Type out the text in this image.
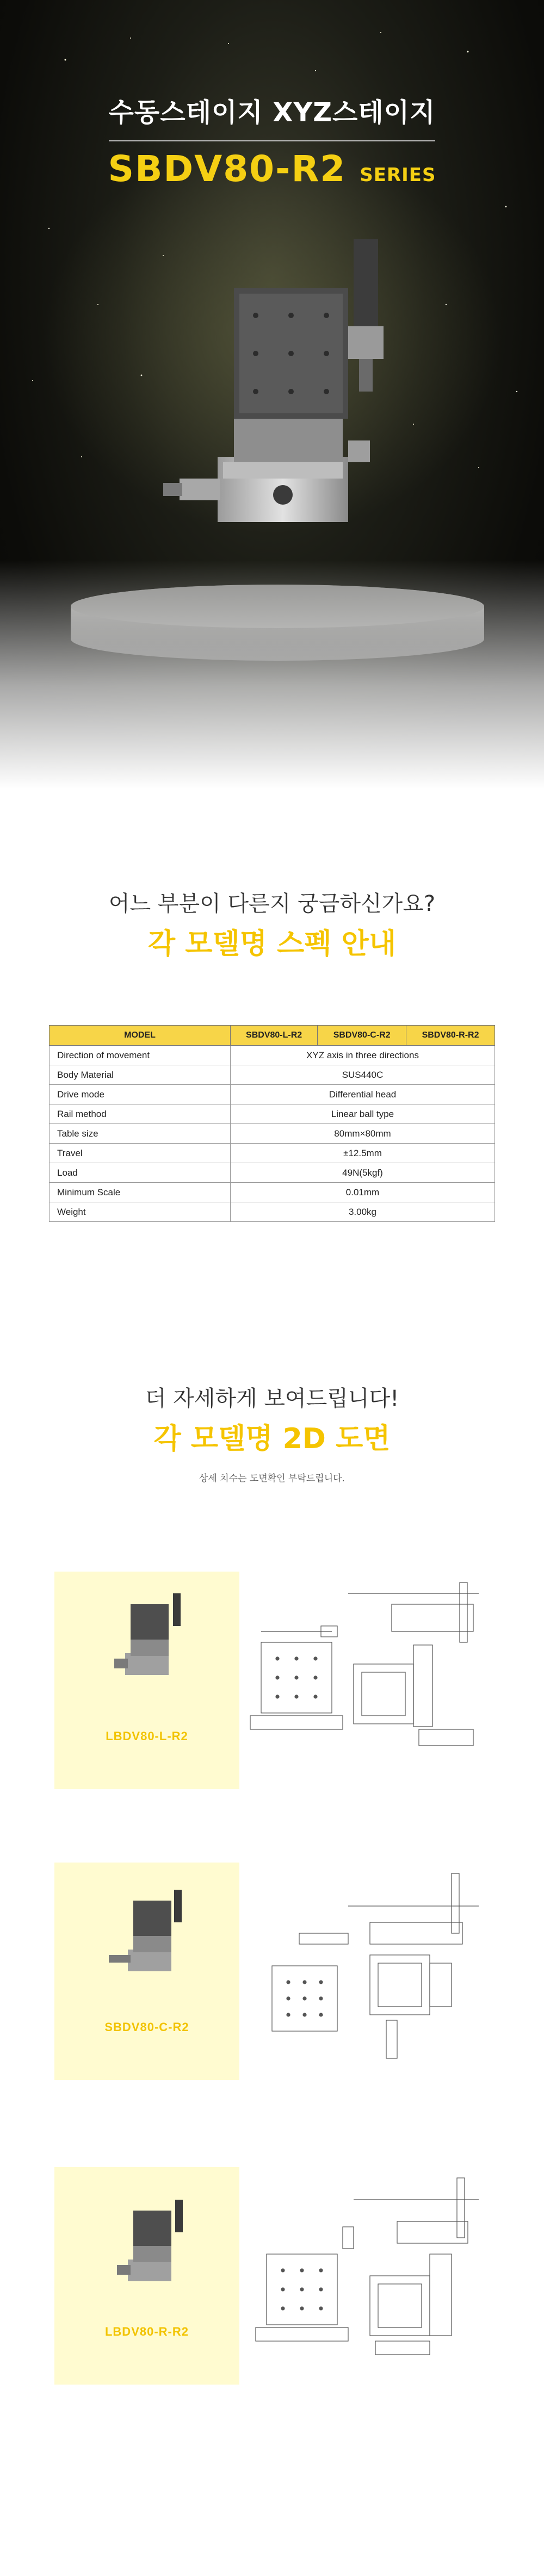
수동스테이지 XYZ스테이지
SBDV80-R2 SERIES
어느 부분이 다른지 궁금하신가요?
각 모델명 스펙 안내
MODEL	SBDV80-L-R2	SBDV80-C-R2	SBDV80-R-R2
Direction of movement	XYZ axis in three directions		
Body Material	SUS440C		
Drive mode	Differential head		
Rail method	Linear ball type		
Table size	80mm×80mm		
Travel	±12.5mm		
Load	49N(5kgf)		
Minimum Scale	0.01mm		
Weight	3.00kg		
더 자세하게 보여드립니다!
각 모델명 2D 도면
상세 치수는 도면확인 부탁드립니다.
LBDV80-L-R2
SBDV80-C-R2
LBDV80-R-R2
